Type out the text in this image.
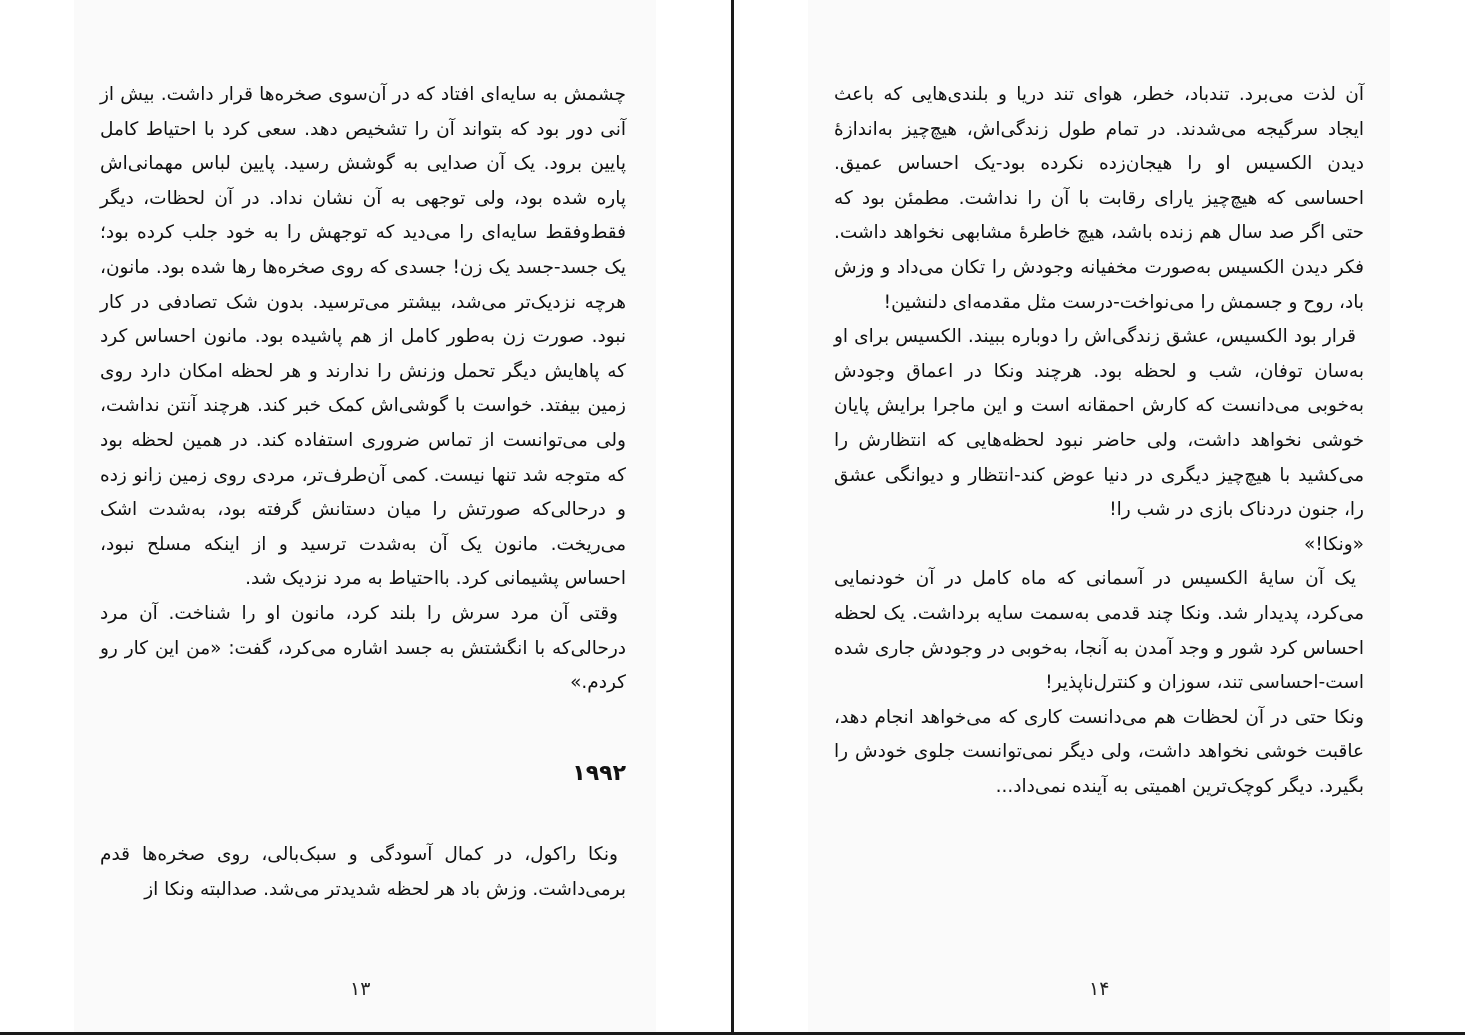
چشمش به سایه‌ای افتاد که در آن‌سوی صخره‌ها قرار داشت. بیش از آنی دور بود که بتواند آن را تشخیص دهد. سعی کرد با احتیاط کامل پایین برود. یک آن صدایی به گوشش رسید. پایین لباس مهمانی‌اش پاره شده بود، ولی توجهی به آن نشان نداد. در آن لحظات، دیگر فقط‌وفقط سایه‌ای را می‌دید که توجهش را به خود جلب کرده بود؛ یک جسد-جسد یک زن! جسدی که روی صخره‌ها رها شده بود. مانون، هرچه نزدیک‌تر می‌شد، بیشتر می‌ترسید. بدون شک تصادفی در کار نبود. صورت زن به‌طور کامل از هم پاشیده بود. مانون احساس کرد که پاهایش دیگر تحمل وزنش را ندارند و هر لحظه امکان دارد روی زمین بیفتد. خواست با گوشی‌اش کمک خبر کند. هرچند آنتن نداشت، ولی می‌توانست از تماس ضروری استفاده کند. در همین لحظه بود که متوجه شد تنها نیست. کمی آن‌طرف‌تر، مردی روی زمین زانو زده و درحالی‌که صورتش را میان دستانش گرفته بود، به‌شدت اشک می‌ریخت. مانون یک آن به‌شدت ترسید و از اینکه مسلح نبود، احساس پشیمانی کرد. بااحتیاط به مرد نزدیک شد.

وقتی آن مرد سرش را بلند کرد، مانون او را شناخت. آن مرد درحالی‌که با انگشتش به جسد اشاره می‌کرد، گفت: «من این کار رو کردم.»

۱۹۹۲

ونکا راکول، در کمال آسودگی و سبک‌بالی، روی صخره‌ها قدم برمی‌داشت. وزش باد هر لحظه شدیدتر می‌شد. صدالبته ونکا از

۱۳

آن لذت می‌برد. تندباد، خطر، هوای تند دریا و بلندی‌هایی که باعث ایجاد سرگیجه می‌شدند. در تمام طول زندگی‌اش، هیچ‌چیز به‌اندازهٔ دیدن الکسیس او را هیجان‌زده نکرده بود-یک احساس عمیق. احساسی که هیچ‌چیز یارای رقابت با آن را نداشت. مطمئن بود که حتی اگر صد سال هم زنده باشد، هیچ خاطرهٔ مشابهی نخواهد داشت. فکر دیدن الکسیس به‌صورت مخفیانه وجودش را تکان می‌داد و وزش باد، روح و جسمش را می‌نواخت-درست مثل مقدمه‌ای دلنشین!

قرار بود الکسیس، عشق زندگی‌اش را دوباره ببیند. الکسیس برای او به‌سان توفان، شب و لحظه بود. هرچند ونکا در اعماق وجودش به‌خوبی می‌دانست که کارش احمقانه است و این ماجرا برایش پایان خوشی نخواهد داشت، ولی حاضر نبود لحظه‌هایی که انتظارش را می‌کشید با هیچ‌چیز دیگری در دنیا عوض کند-انتظار و دیوانگی عشق را، جنون دردناک بازی در شب را!

«ونکا!»

یک آن سایهٔ الکسیس در آسمانی که ماه کامل در آن خودنمایی می‌کرد، پدیدار شد. ونکا چند قدمی به‌سمت سایه برداشت. یک لحظه احساس کرد شور و وجد آمدن به آنجا، به‌خوبی در وجودش جاری شده است-احساسی تند، سوزان و کنترل‌ناپذیر!

ونکا حتی در آن لحظات هم می‌دانست کاری که می‌خواهد انجام دهد، عاقبت خوشی نخواهد داشت، ولی دیگر نمی‌توانست جلوی خودش را بگیرد. دیگر کوچک‌ترین اهمیتی به آینده نمی‌داد...

۱۴
